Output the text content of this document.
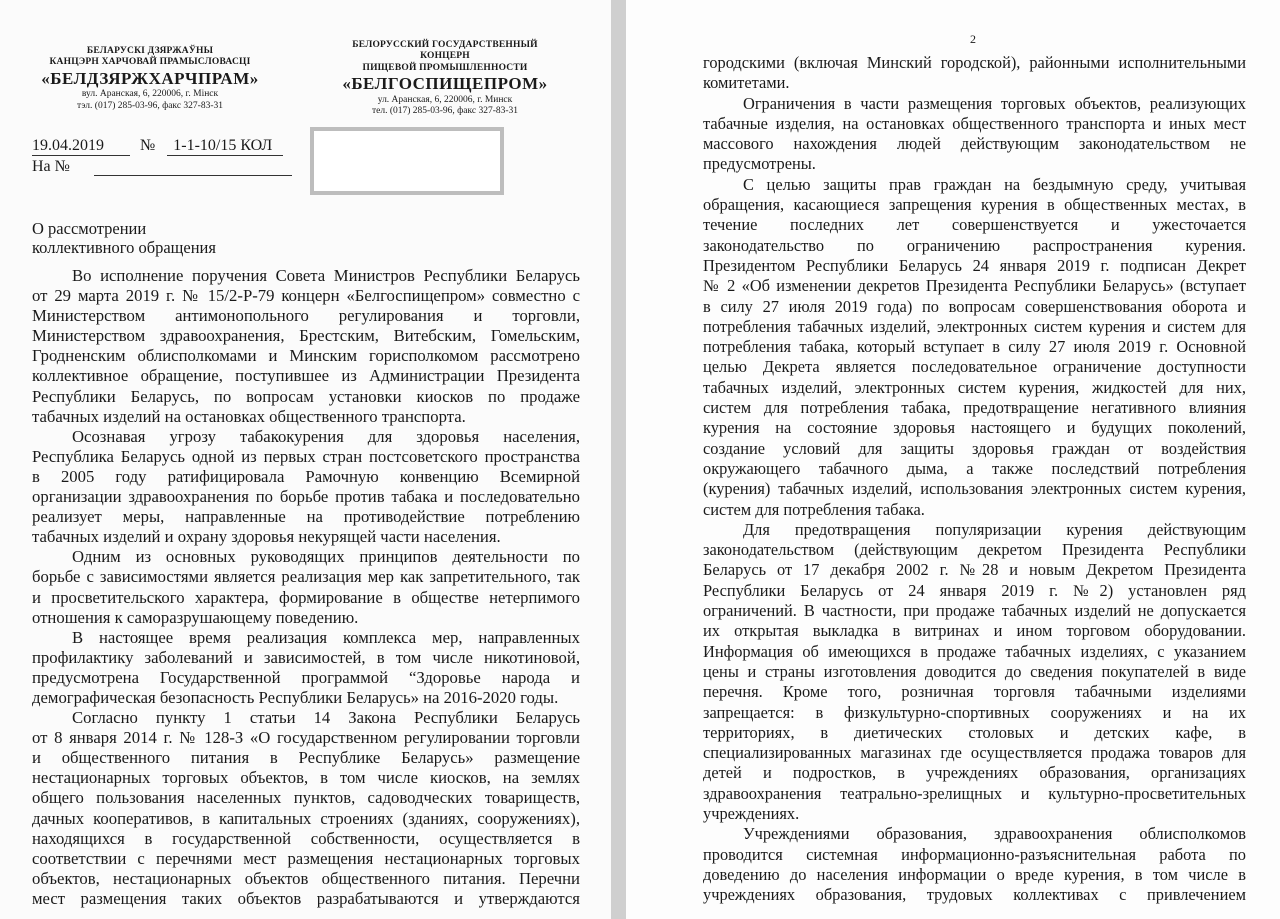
БЕЛАРУСКІ ДЗЯРЖАЎНЫ
КАНЦЭРН ХАРЧОВАЙ ПРАМЫСЛОВАСЦІ
«БЕЛДЗЯРЖХАРЧПРАМ»
вул. Аранская, 6, 220006, г. Мінск
тэл. (017) 285-03-96, факс 327-83-31
БЕЛОРУССКИЙ ГОСУДАРСТВЕННЫЙ КОНЦЕРН
ПИЩЕВОЙ ПРОМЫШЛЕННОСТИ
«БЕЛГОСПИЩЕПРОМ»
ул. Аранская, 6, 220006, г. Минск
тел. (017) 285-03-96, факс 327-83-31
19.04.2019 № 1-1-10/15 КОЛ
На №
О рассмотрении
коллективного обращения
Во исполнение поручения Совета Министров Республики Беларусь
от 29 марта 2019 г. № 15/2-Р-79 концерн «Белгоспищепром» совместно с
Министерством антимонопольного регулирования и торговли,
Министерством здравоохранения, Брестским, Витебским, Гомельским,
Гродненским облисполкомами и Минским горисполкомом рассмотрено
коллективное обращение, поступившее из Администрации Президента
Республики Беларусь, по вопросам установки киосков по продаже
табачных изделий на остановках общественного транспорта.
Осознавая угрозу табакокурения для здоровья населения,
Республика Беларусь одной из первых стран постсоветского пространства
в 2005 году ратифицировала Рамочную конвенцию Всемирной
организации здравоохранения по борьбе против табака и последовательно
реализует меры, направленные на противодействие потреблению
табачных изделий и охрану здоровья некурящей части населения.
Одним из основных руководящих принципов деятельности по
борьбе с зависимостями является реализация мер как запретительного, так
и просветительского характера, формирование в обществе нетерпимого
отношения к саморазрушающему поведению.
В настоящее время реализация комплекса мер, направленных
профилактику заболеваний и зависимостей, в том числе никотиновой,
предусмотрена Государственной программой “Здоровье народа и
демографическая безопасность Республики Беларусь» на 2016-2020 годы.
Согласно пункту 1 статьи 14 Закона Республики Беларусь
от 8 января 2014 г. № 128-З «О государственном регулировании торговли
и общественного питания в Республике Беларусь» размещение
нестационарных торговых объектов, в том числе киосков, на землях
общего пользования населенных пунктов, садоводческих товариществ,
дачных кооперативов, в капитальных строениях (зданиях, сооружениях),
находящихся в государственной собственности, осуществляется в
соответствии с перечнями мест размещения нестационарных торговых
объектов, нестационарных объектов общественного питания. Перечни
мест размещения таких объектов разрабатываются и утверждаются
2
городскими (включая Минский городской), районными исполнительными
комитетами.
Ограничения в части размещения торговых объектов, реализующих
табачные изделия, на остановках общественного транспорта и иных мест
массового нахождения людей действующим законодательством не
предусмотрены.
С целью защиты прав граждан на бездымную среду, учитывая
обращения, касающиеся запрещения курения в общественных местах, в
течение последних лет совершенствуется и ужесточается
законодательство по ограничению распространения курения.
Президентом Республики Беларусь 24 января 2019 г. подписан Декрет
№ 2 «Об изменении декретов Президента Республики Беларусь» (вступает
в силу 27 июля 2019 года) по вопросам совершенствования оборота и
потребления табачных изделий, электронных систем курения и систем для
потребления табака, который вступает в силу 27 июля 2019 г. Основной
целью Декрета является последовательное ограничение доступности
табачных изделий, электронных систем курения, жидкостей для них,
систем для потребления табака, предотвращение негативного влияния
курения на состояние здоровья настоящего и будущих поколений,
создание условий для защиты здоровья граждан от воздействия
окружающего табачного дыма, а также последствий потребления
(курения) табачных изделий, использования электронных систем курения,
систем для потребления табака.
Для предотвращения популяризации курения действующим
законодательством (действующим декретом Президента Республики
Беларусь от 17 декабря 2002 г. №28 и новым Декретом Президента
Республики Беларусь от 24 января 2019 г. №2) установлен ряд
ограничений. В частности, при продаже табачных изделий не допускается
их открытая выкладка в витринах и ином торговом оборудовании.
Информация об имеющихся в продаже табачных изделиях, с указанием
цены и страны изготовления доводится до сведения покупателей в виде
перечня. Кроме того, розничная торговля табачными изделиями
запрещается: в физкультурно-спортивных сооружениях и на их
территориях, в диетических столовых и детских кафе, в
специализированных магазинах где осуществляется продажа товаров для
детей и подростков, в учреждениях образования, организациях
здравоохранения театрально-зрелищных и культурно-просветительных
учреждениях.
Учреждениями образования, здравоохранения облисполкомов
проводится системная информационно-разъяснительная работа по
доведению до населения информации о вреде курения, в том числе в
учреждениях образования, трудовых коллективах с привлечением
